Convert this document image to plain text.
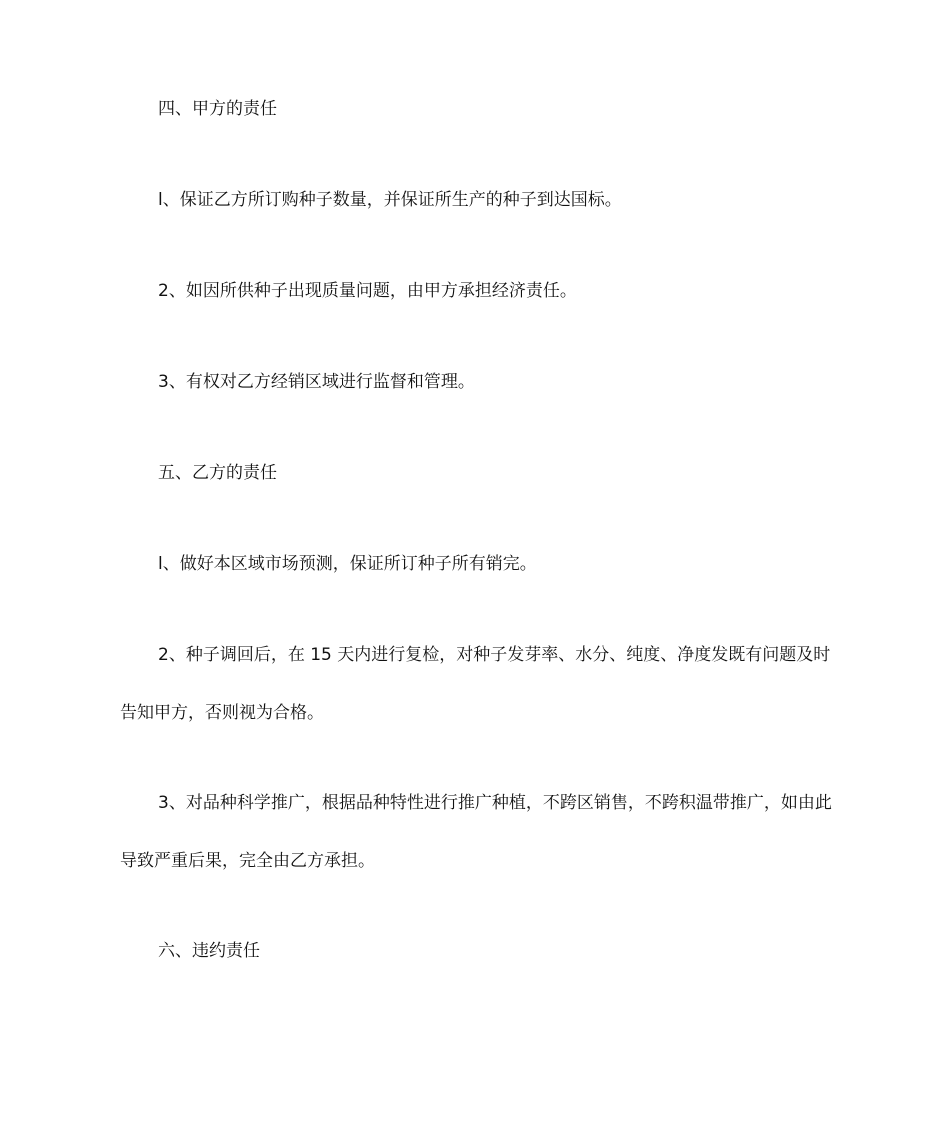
四、甲方的责任

l、保证乙方所订购种子数量，并保证所生产的种子到达国标。

2、如因所供种子出现质量问题，由甲方承担经济责任。

3、有权对乙方经销区域进行监督和管理。

五、乙方的责任

l、做好本区域市场预测，保证所订种子所有销完。

2、种子调回后，在 15 天内进行复检，对种子发芽率、水分、纯度、净度发既有问题及时告知甲方，否则视为合格。

3、对品种科学推广，根据品种特性进行推广种植，不跨区销售，不跨积温带推广，如由此导致严重后果，完全由乙方承担。

六、违约责任
